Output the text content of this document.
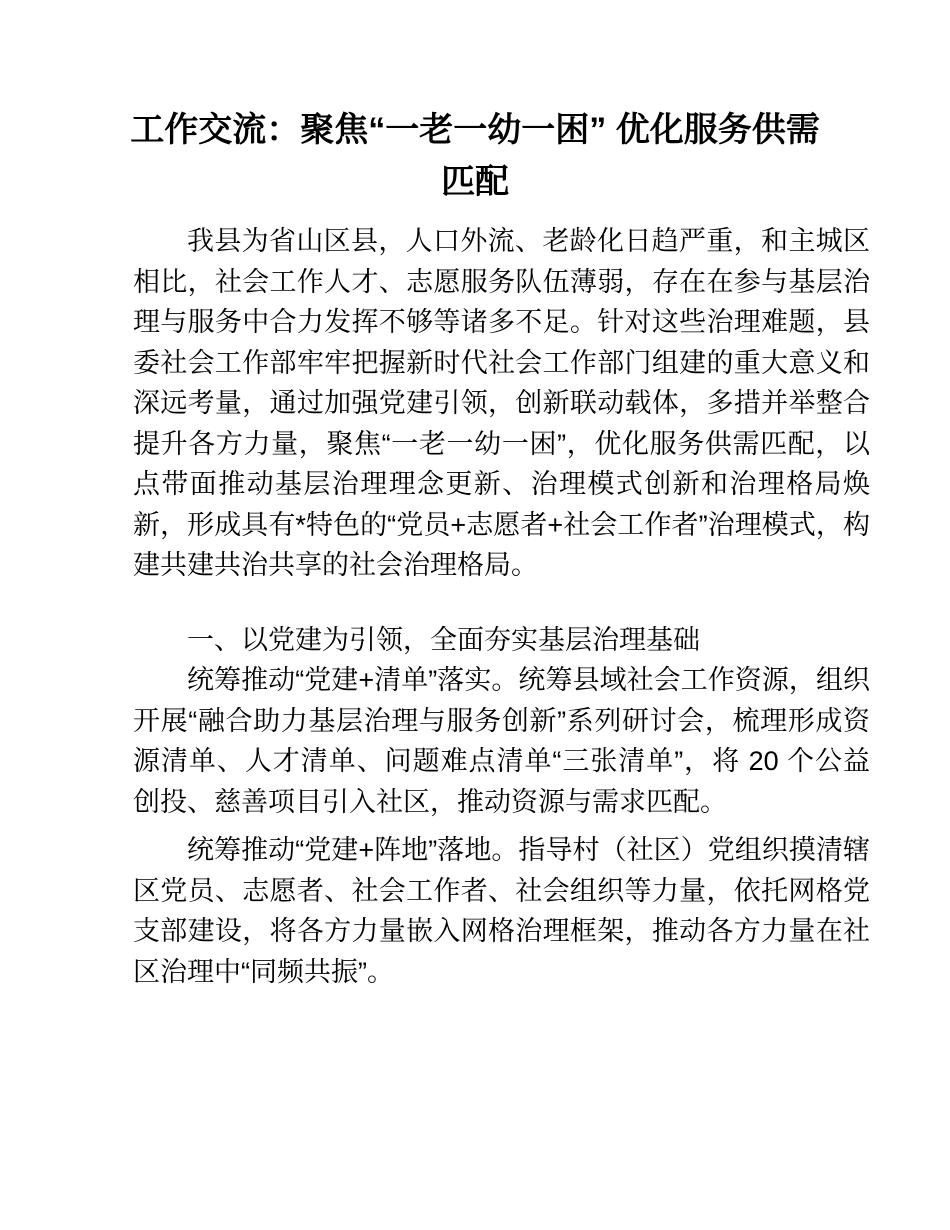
工作交流：聚焦“一老一幼一困” 优化服务供需
匹配

我县为省山区县，人口外流、老龄化日趋严重，和主城区相比，社会工作人才、志愿服务队伍薄弱，存在在参与基层治理与服务中合力发挥不够等诸多不足。针对这些治理难题，县委社会工作部牢牢把握新时代社会工作部门组建的重大意义和深远考量，通过加强党建引领，创新联动载体，多措并举整合提升各方力量，聚焦“一老一幼一困”，优化服务供需匹配，以点带面推动基层治理理念更新、治理模式创新和治理格局焕新，形成具有*特色的“党员+志愿者+社会工作者”治理模式，构建共建共治共享的社会治理格局。

一、以党建为引领，全面夯实基层治理基础

统筹推动“党建+清单”落实。统筹县域社会工作资源，组织开展“融合助力基层治理与服务创新”系列研讨会，梳理形成资源清单、人才清单、问题难点清单“三张清单”，将 20 个公益创投、慈善项目引入社区，推动资源与需求匹配。

统筹推动“党建+阵地”落地。指导村（社区）党组织摸清辖区党员、志愿者、社会工作者、社会组织等力量，依托网格党支部建设，将各方力量嵌入网格治理框架，推动各方力量在社区治理中“同频共振”。
